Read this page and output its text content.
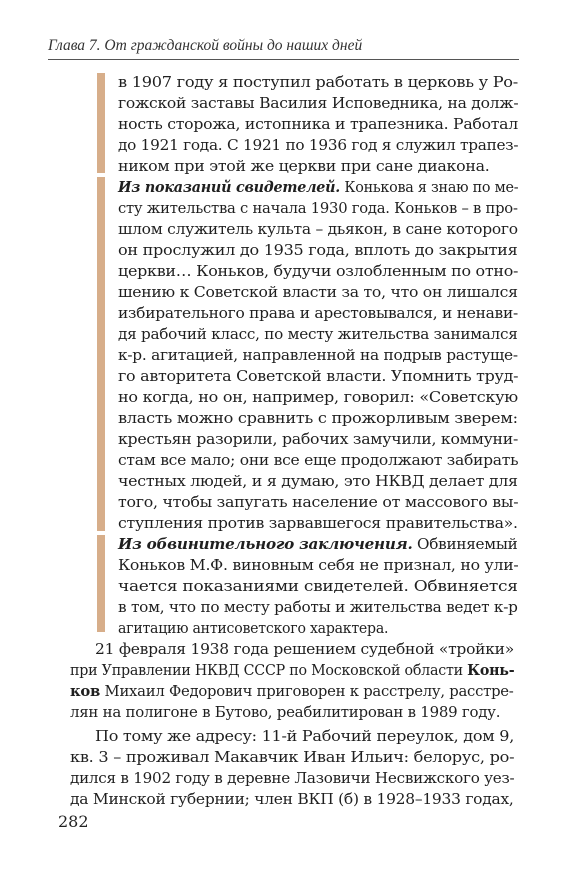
Глава 7. От гражданской войны до наших дней
в 1907 году я поступил работать в церковь у Ро-
гожской заставы Василия Исповедника, на долж-
ность сторожа, истопника и трапезника. Работал
до 1921 года. С 1921 по 1936 год я служил трапез-
ником при этой же церкви при сане диакона.
Из показаний свидетелей. Конькова я знаю по ме-
сту жительства с начала 1930 года. Коньков – в про-
шлом служитель культа – дьякон, в сане которого
он прослужил до 1935 года, вплоть до закрытия
церкви… Коньков, будучи озлобленным по отно-
шению к Советской власти за то, что он лишался
избирательного права и арестовывался, и ненави-
дя рабочий класс, по месту жительства занимался
к-р. агитацией, направленной на подрыв растуще-
го авторитета Советской власти. Упомнить труд-
но когда, но он, например, говорил: «Советскую
власть можно сравнить с прожорливым зверем:
крестьян разорили, рабочих замучили, коммуни-
стам все мало; они все еще продолжают забирать
честных людей, и я думаю, это НКВД делает для
того, чтобы запугать население от массового вы-
ступления против зарвавшегося правительства».
Из обвинительного заключения. Обвиняемый
Коньков М.Ф. виновным себя не признал, но ули-
чается показаниями свидетелей. Обвиняется
в том, что по месту работы и жительства ведет к-р
агитацию антисоветского характера.
21 февраля 1938 года решением судебной «тройки»
при Управлении НКВД СССР по Московской области Конь-
ков Михаил Федорович приговорен к расстрелу, расстре-
лян на полигоне в Бутово, реабилитирован в 1989 году.
По тому же адресу: 11-й Рабочий переулок, дом 9,
кв. 3 – проживал Макавчик Иван Ильич: белорус, ро-
дился в 1902 году в деревне Лазовичи Несвижского уез-
да Минской губернии; член ВКП (б) в 1928–1933 годах,
282
